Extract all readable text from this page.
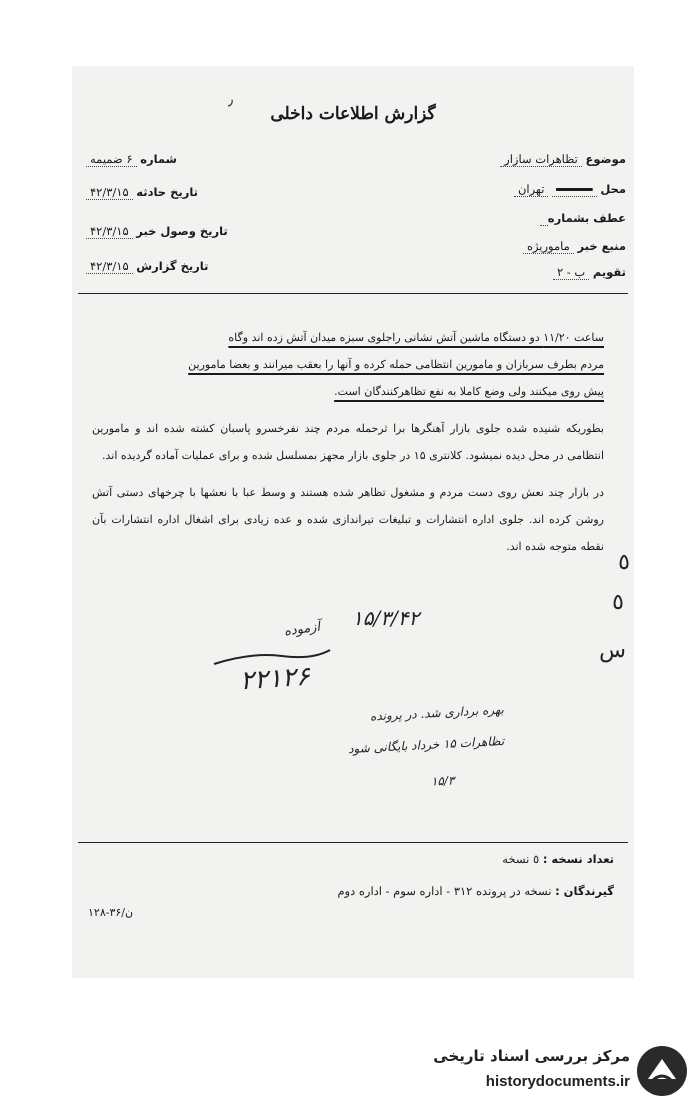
٫
گزارش اطلاعات داخلی
موضوع تظاهرات سازار
محل            تهران
عطف بشماره
منبع خبر ماموریژه
تقویم ب - ۲
شماره ۶ ضمیمه
تاریخ حادثه ۴۲/۳/۱۵
تاریخ وصول خبر ۴۲/۳/۱۵
تاریخ گزارش ۴۲/۳/۱۵

ساعت ۱۱/۲۰ دو دستگاه ماشین آتش نشانی راجلوی سبزه میدان آتش زده اند وگاه
مردم بطرف سربازان و مامورین انتظامی حمله کرده و آنها را بعقب میرانند و بعضا مامورین
پیش روی میکنند ولی وضع کاملا به نفع تظاهرکنندگان است.

بطوریکه شنیده شده جلوی بازار آهنگرها برا ثرحمله مردم چند نفرخسرو پاسبان کشته شده اند و مامورین انتظامی در محل دیده نمیشود. کلانتری ۱۵ در جلوی بازار مجهز بمسلسل شده و برای عملیات آماده گردیده اند.

در بازار چند نعش روی دست مردم و مشغول تظاهر شده هستند و وسط عبا با نعشها با چرخهای دستی آتش روشن کرده اند. جلوی اداره انتشارات و تبلیغات تیراندازی شده و عده زیادی برای اشغال اداره انتشارات بآن نقطه متوجه شده اند.

٥
٥
س
۱۵/۳/۴۲
آزموده
۲۲۱۲۶
بهره برداری شد. در پرونده
تظاهرات ۱۵ خرداد بایگانی شود
۱۵/۳
تعداد نسخه : ٥ نسخه
گیرندگان : نسخه در پرونده ۳۱۲ - اداره سوم - اداره دوم
۱۲۸-۳۶/ن
مرکز بررسی اسناد تاریخی
historydocuments.ir
